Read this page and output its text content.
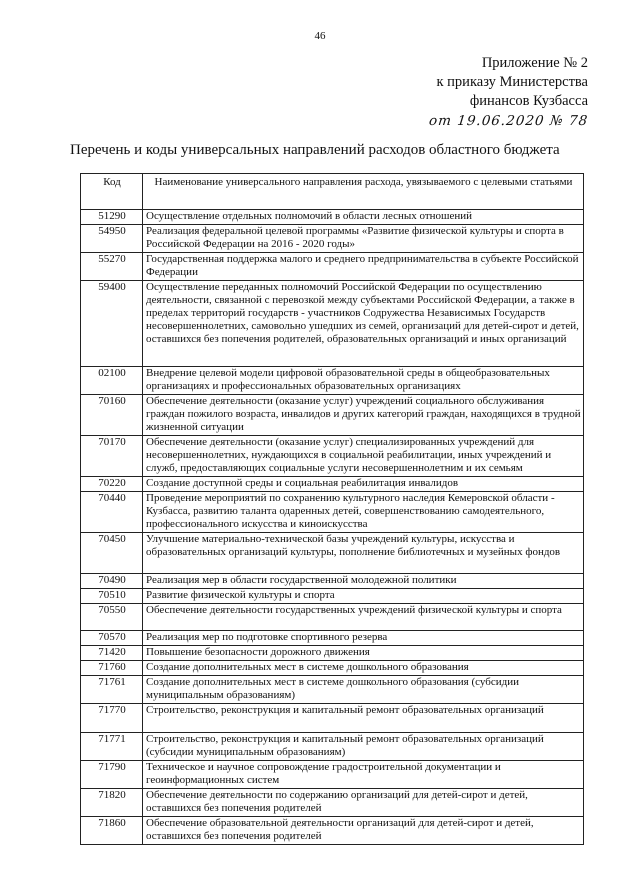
46
Приложение № 2
к приказу Министерства
финансов Кузбасса
от 19.06.2020 № 78
Перечень и коды универсальных направлений расходов областного бюджета
Код	Наименование универсального направления расхода, увязываемого с целевыми статьями
51290	Осуществление отдельных полномочий в области лесных отношений
54950	Реализация федеральной целевой программы «Развитие физической культуры и спорта в Российской Федерации на 2016 - 2020 годы»
55270	Государственная поддержка малого и среднего предпринимательства в субъекте Российской Федерации
59400	Осуществление переданных полномочий Российской Федерации по осуществлению деятельности, связанной с перевозкой между субъектами Российской Федерации, а также в пределах территорий государств - участников Содружества Независимых Государств несовершеннолетних, самовольно ушедших из семей, организаций для детей-сирот и детей, оставшихся без попечения родителей, образовательных организаций и иных организаций
02100	Внедрение целевой модели цифровой образовательной среды в общеобразовательных организациях и профессиональных образовательных организациях
70160	Обеспечение деятельности (оказание услуг) учреждений социального обслуживания граждан пожилого возраста, инвалидов и других категорий граждан, находящихся в трудной жизненной ситуации
70170	Обеспечение деятельности (оказание услуг) специализированных учреждений для несовершеннолетних, нуждающихся в социальной реабилитации, иных учреждений и служб, предоставляющих социальные услуги несовершеннолетним и их семьям
70220	Создание доступной среды и социальная реабилитация инвалидов
70440	Проведение мероприятий по сохранению культурного наследия Кемеровской области - Кузбасса, развитию таланта одаренных детей, совершенствованию самодеятельного, профессионального искусства и киноискусства
70450	Улучшение материально-технической базы учреждений культуры, искусства и образовательных организаций культуры, пополнение библиотечных и музейных фондов
70490	Реализация мер в области государственной молодежной политики
70510	Развитие физической культуры и спорта
70550	Обеспечение деятельности государственных учреждений физической культуры и спорта
70570	Реализация мер по подготовке спортивного резерва
71420	Повышение безопасности дорожного движения
71760	Создание дополнительных мест в системе дошкольного образования
71761	Создание дополнительных мест в системе дошкольного образования (субсидии муниципальным образованиям)
71770	Строительство, реконструкция и капитальный ремонт образовательных организаций
71771	Строительство, реконструкция и капитальный ремонт образовательных организаций (субсидии муниципальным образованиям)
71790	Техническое и научное сопровождение градостроительной документации и геоинформационных систем
71820	Обеспечение деятельности по содержанию организаций для детей-сирот и детей, оставшихся без попечения родителей
71860	Обеспечение образовательной деятельности организаций для детей-сирот и детей, оставшихся без попечения родителей
